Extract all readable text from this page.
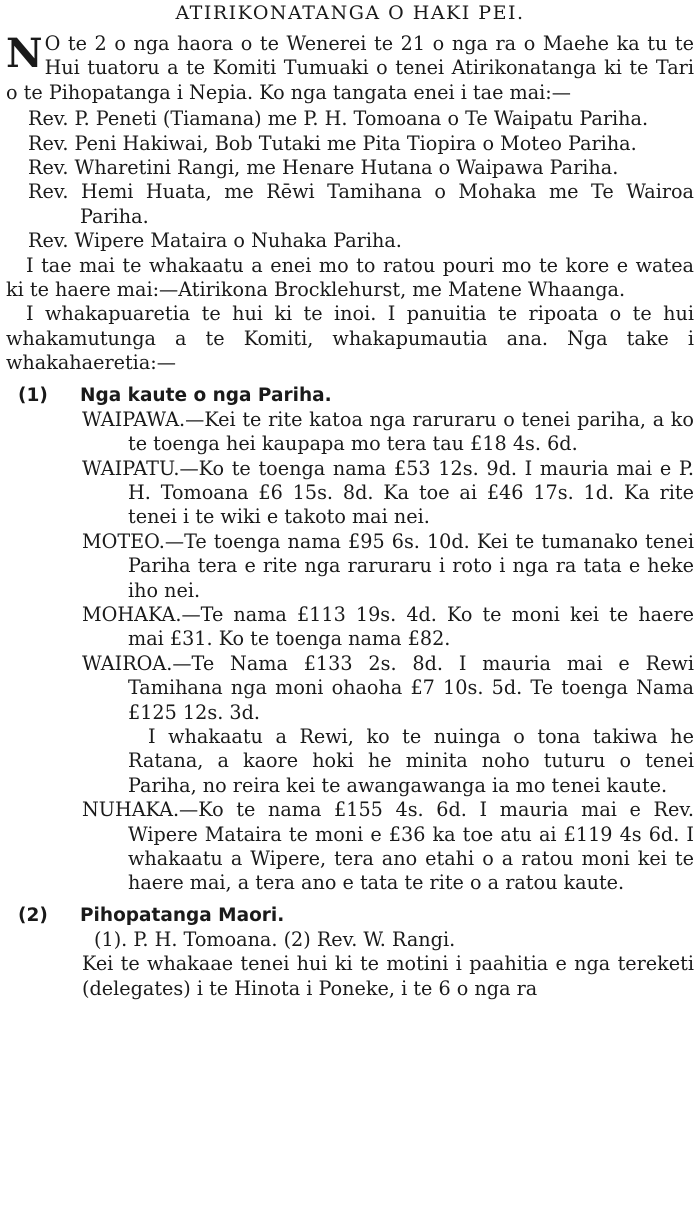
ATIRIKONATANGA O HAKI PEI.

N O te 2 o nga haora o te Wenerei te 21 o nga ra o Maehe ka tu te Hui tuatoru a te Komiti Tumuaki o tenei Atirikonatanga ki te Tari o te Pihopatanga i Nepia. Ko nga tangata enei i tae mai:—

Rev. P. Peneti (Tiamana) me P. H. Tomoana o Te Waipatu Pariha.

Rev. Peni Hakiwai, Bob Tutaki me Pita Tiopira o Moteo Pariha.

Rev. Wharetini Rangi, me Henare Hutana o Waipawa Pariha.

Rev. Hemi Huata, me Rēwi Tamihana o Mohaka me Te Wairoa Pariha.

Rev. Wipere Mataira o Nuhaka Pariha.

I tae mai te whakaatu a enei mo to ratou pouri mo te kore e watea ki te haere mai:—Atirikona Brocklehurst, me Matene Whaanga.

I whakapuaretia te hui ki te inoi. I panuitia te ripoata o te hui whakamutunga a te Komiti, whakapumautia ana. Nga take i whakahaeretia:—

(1) Nga kaute o nga Pariha.

WAIPAWA.—Kei te rite katoa nga raruraru o tenei pariha, a ko te toenga hei kaupapa mo tera tau £18 4s. 6d.

WAIPATU.—Ko te toenga nama £53 12s. 9d. I mauria mai e P. H. Tomoana £6 15s. 8d. Ka toe ai £46 17s. 1d. Ka rite tenei i te wiki e takoto mai nei.

MOTEO.—Te toenga nama £95 6s. 10d. Kei te tumanako tenei Pariha tera e rite nga raruraru i roto i nga ra tata e heke iho nei.

MOHAKA.—Te nama £113 19s. 4d. Ko te moni kei te haere mai £31. Ko te toenga nama £82.

WAIROA.—Te Nama £133 2s. 8d. I mauria mai e Rewi Tamihana nga moni ohaoha £7 10s. 5d. Te toenga Nama £125 12s. 3d.

I whakaatu a Rewi, ko te nuinga o tona takiwa he Ratana, a kaore hoki he minita noho tuturu o tenei Pariha, no reira kei te awangawanga ia mo tenei kaute.

NUHAKA.—Ko te nama £155 4s. 6d. I mauria mai e Rev. Wipere Mataira te moni e £36 ka toe atu ai £119 4s 6d. I whakaatu a Wipere, tera ano etahi o a ratou moni kei te haere mai, a tera ano e tata te rite o a ratou kaute.

(2) Pihopatanga Maori.

(1). P. H. Tomoana. (2) Rev. W. Rangi.

Kei te whakaae tenei hui ki te motini i paahitia e nga tereketi (delegates) i te Hinota i Poneke, i te 6 o nga ra
